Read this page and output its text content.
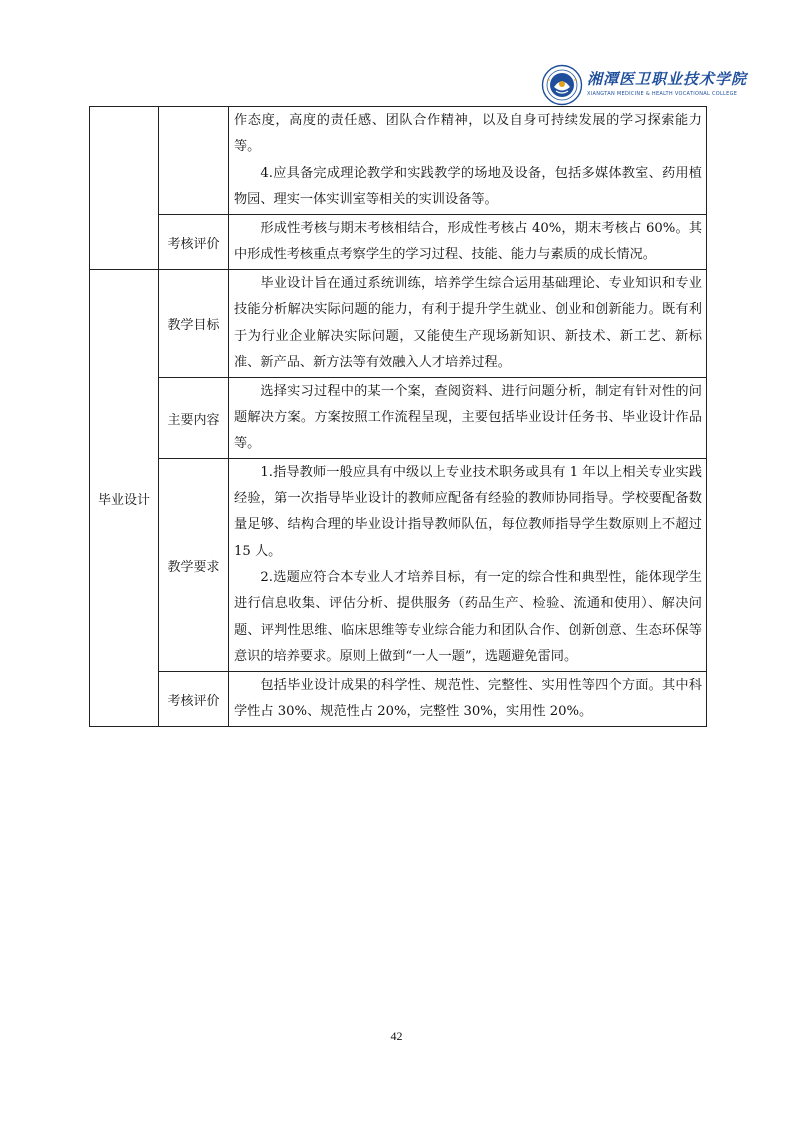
湘潭医卫职业技术学院
XIANGTAN MEDICINE & HEALTH VOCATIONAL COLLEGE

		作态度，高度的责任感、团队合作精神，以及自身可持续发展的学习探索能力等。

4.应具备完成理论教学和实践教学的场地及设备，包括多媒体教室、药用植物园、理实一体实训室等相关的实训设备等。

	考核评价	形成性考核与期末考核相结合，形成性考核占 40%，期末考核占 60%。其中形成性考核重点考察学生的学习过程、技能、能力与素质的成长情况。

毕业设计	教学目标	毕业设计旨在通过系统训练，培养学生综合运用基础理论、专业知识和专业技能分析解决实际问题的能力，有利于提升学生就业、创业和创新能力。既有利于为行业企业解决实际问题，又能使生产现场新知识、新技术、新工艺、新标准、新产品、新方法等有效融入人才培养过程。

	主要内容	选择实习过程中的某一个案，查阅资料、进行问题分析，制定有针对性的问题解决方案。方案按照工作流程呈现，主要包括毕业设计任务书、毕业设计作品等。

	教学要求	1.指导教师一般应具有中级以上专业技术职务或具有 1 年以上相关专业实践经验，第一次指导毕业设计的教师应配备有经验的教师协同指导。学校要配备数量足够、结构合理的毕业设计指导教师队伍，每位教师指导学生数原则上不超过 15 人。

2.选题应符合本专业人才培养目标，有一定的综合性和典型性，能体现学生进行信息收集、评估分析、提供服务（药品生产、检验、流通和使用）、解决问题、评判性思维、临床思维等专业综合能力和团队合作、创新创意、生态环保等意识的培养要求。原则上做到“一人一题”，选题避免雷同。

	考核评价	包括毕业设计成果的科学性、规范性、完整性、实用性等四个方面。其中科学性占 30%、规范性占 20%，完整性 30%，实用性 20%。

42
